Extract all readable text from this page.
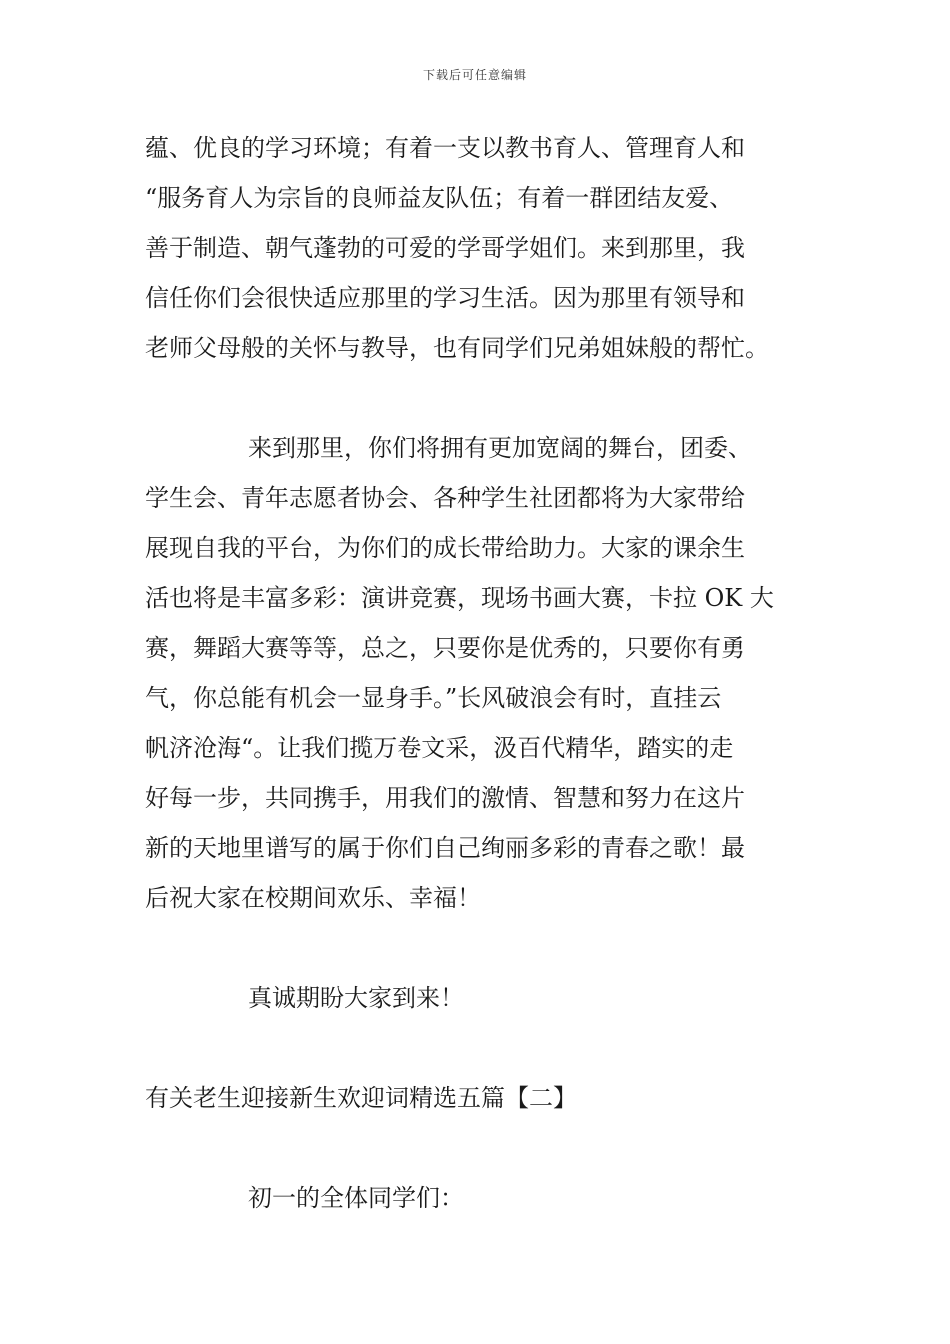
下载后可任意编辑
蕴、优良的学习环境；有着一支以教书育人、管理育人和
“服务育人为宗旨的良师益友队伍；有着一群团结友爱、
善于制造、朝气蓬勃的可爱的学哥学姐们。来到那里，我
信任你们会很快适应那里的学习生活。因为那里有领导和
老师父母般的关怀与教导，也有同学们兄弟姐妹般的帮忙。
来到那里，你们将拥有更加宽阔的舞台，团委、
学生会、青年志愿者协会、各种学生社团都将为大家带给
展现自我的平台，为你们的成长带给助力。大家的课余生
活也将是丰富多彩：演讲竞赛，现场书画大赛，卡拉 OK 大
赛，舞蹈大赛等等，总之，只要你是优秀的，只要你有勇
气，你总能有机会一显身手。”长风破浪会有时，直挂云
帆济沧海“。让我们揽万卷文采，汲百代精华，踏实的走
好每一步，共同携手，用我们的激情、智慧和努力在这片
新的天地里谱写的属于你们自己绚丽多彩的青春之歌！最
后祝大家在校期间欢乐、幸福！
真诚期盼大家到来！
有关老生迎接新生欢迎词精选五篇【二】
初一的全体同学们：
